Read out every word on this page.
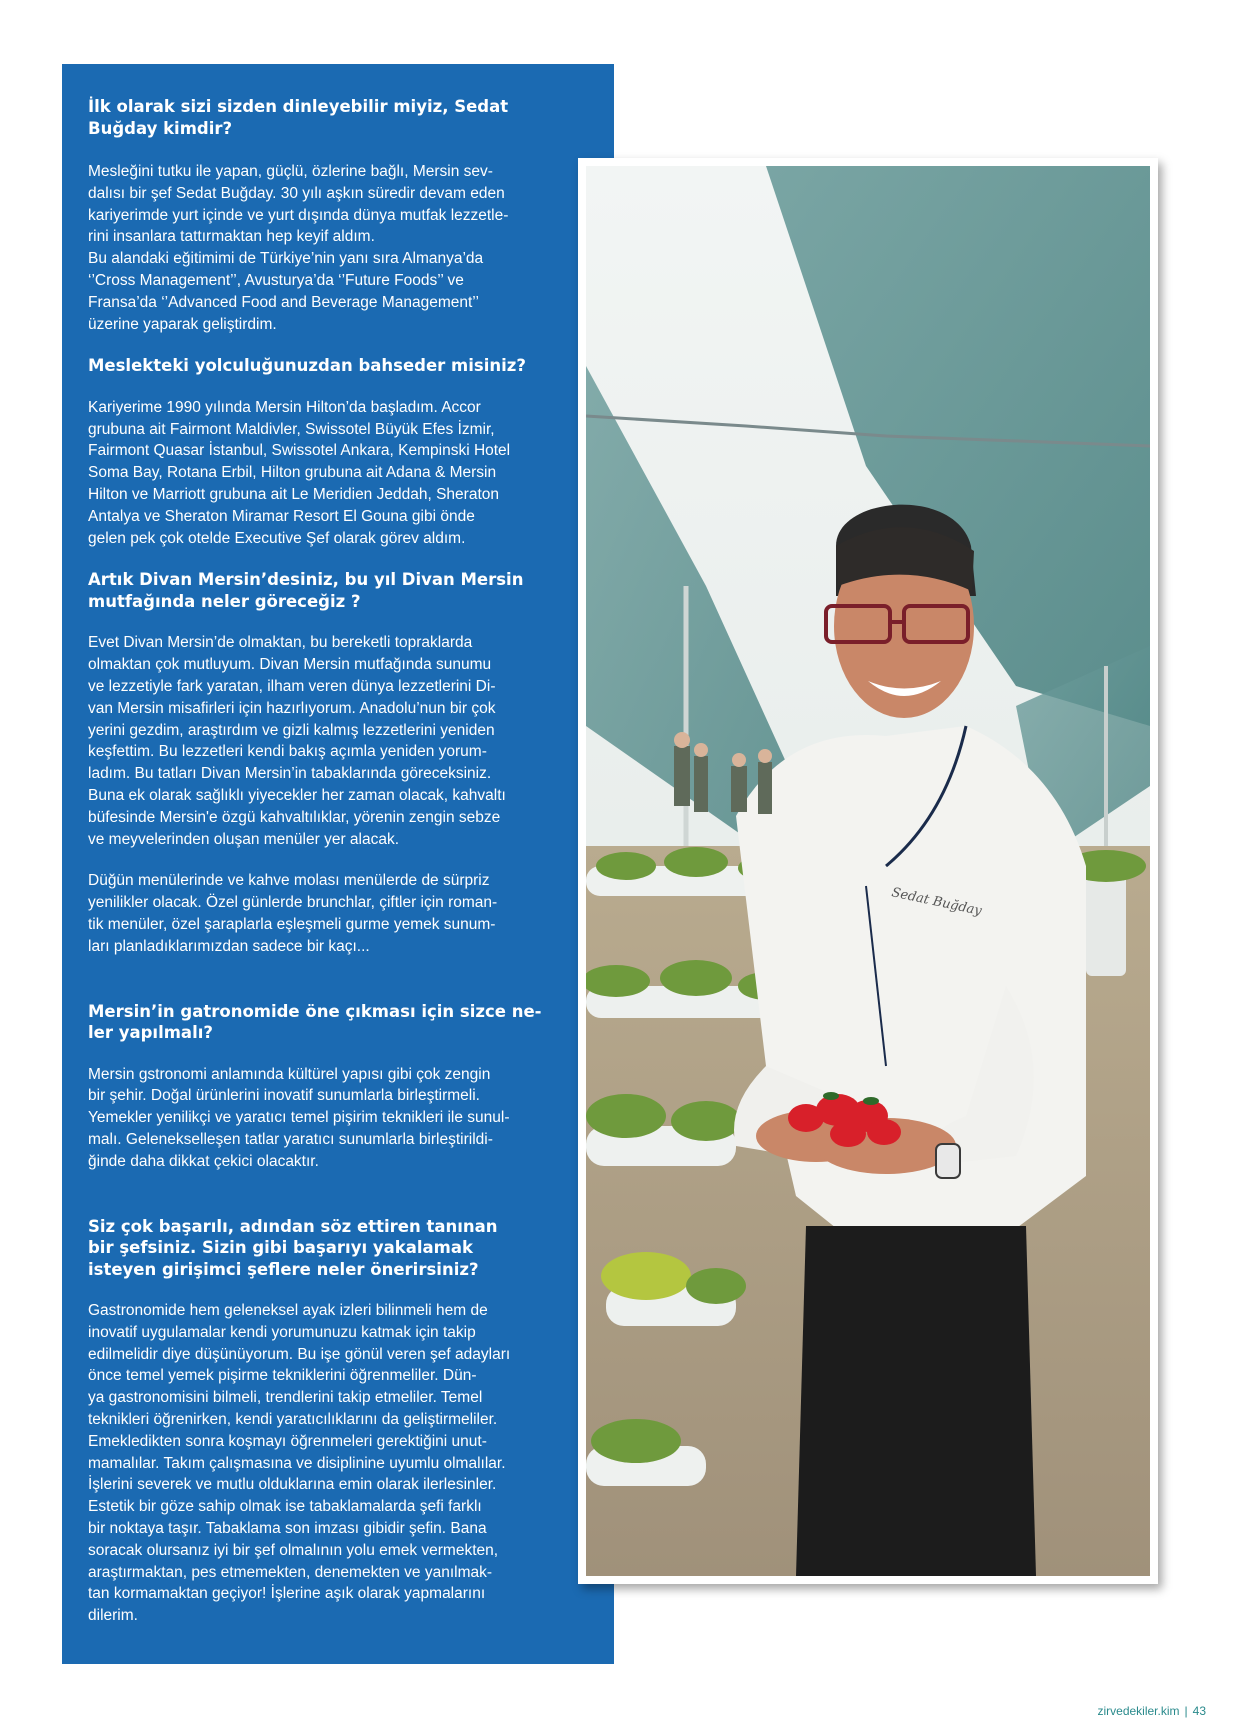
İlk olarak sizi sizden dinleyebilir miyiz, Sedat Buğday kimdir?

Mesleğini tutku ile yapan, güçlü, özlerine bağlı, Mersin sev-
dalısı bir şef Sedat Buğday. 30 yılı aşkın süredir devam eden
kariyerimde yurt içinde ve yurt dışında dünya mutfak lezzetle-
rini insanlara tattırmaktan hep keyif aldım.
Bu alandaki eğitimimi de Türkiye’nin yanı sıra Almanya’da
‘’Cross Management’’, Avusturya’da ‘’Future Foods’’ ve
Fransa’da ‘’Advanced Food and Beverage Management’’
üzerine yaparak geliştirdim.

Meslekteki yolculuğunuzdan bahseder misiniz?

Kariyerime 1990 yılında Mersin Hilton’da başladım. Accor
grubuna ait Fairmont Maldivler, Swissotel Büyük Efes İzmir,
Fairmont Quasar İstanbul, Swissotel Ankara, Kempinski Hotel
Soma Bay, Rotana Erbil, Hilton grubuna ait Adana & Mersin
Hilton ve Marriott grubuna ait Le Meridien Jeddah, Sheraton
Antalya ve Sheraton Miramar Resort El Gouna gibi önde
gelen pek çok otelde Executive Şef olarak görev aldım.

Artık Divan Mersin’desiniz, bu yıl Divan Mersin mutfağında neler göreceğiz ?

Evet Divan Mersin’de olmaktan, bu bereketli topraklarda
olmaktan çok mutluyum. Divan Mersin mutfağında sunumu
ve lezzetiyle fark yaratan, ilham veren dünya lezzetlerini Di-
van Mersin misafirleri için hazırlıyorum. Anadolu’nun bir çok
yerini gezdim, araştırdım ve gizli kalmış lezzetlerini yeniden
keşfettim. Bu lezzetleri kendi bakış açımla yeniden yorum-
ladım. Bu tatları Divan Mersin’in tabaklarında göreceksiniz.
Buna ek olarak sağlıklı yiyecekler her zaman olacak, kahvaltı
büfesinde Mersin'e özgü kahvaltılıklar, yörenin zengin sebze
ve meyvelerinden oluşan menüler yer alacak.

Düğün menülerinde ve kahve molası menülerde de sürpriz
yenilikler olacak. Özel günlerde brunchlar, çiftler için roman-
tik menüler, özel şaraplarla eşleşmeli gurme yemek sunum-
ları planladıklarımızdan sadece bir kaçı...

Mersin’in gatronomide öne çıkması için sizce ne-
ler yapılmalı?

Mersin gstronomi anlamında kültürel yapısı gibi çok zengin
bir şehir. Doğal ürünlerini inovatif sunumlarla birleştirmeli.
Yemekler yenilikçi ve yaratıcı temel pişirim teknikleri ile sunul-
malı. Gelenekselleşen tatlar yaratıcı sunumlarla birleştirildi-
ğinde daha dikkat çekici olacaktır.

Siz çok başarılı, adından söz ettiren tanınan bir şefsiniz. Sizin gibi başarıyı yakalamak isteyen girişimci şeflere neler önerirsiniz?

Gastronomide hem geleneksel ayak izleri bilinmeli hem de
inovatif uygulamalar kendi yorumunuzu katmak için takip
edilmelidir diye düşünüyorum. Bu işe gönül veren şef adayları
önce temel yemek pişirme tekniklerini öğrenmeliler. Dün-
ya gastronomisini bilmeli, trendlerini takip etmeliler. Temel
teknikleri öğrenirken, kendi yaratıcılıklarını da geliştirmeliler.
Emekledikten sonra koşmayı öğrenmeleri gerektiğini unut-
mamalılar. Takım çalışmasına ve disiplinine uyumlu olmalılar.
İşlerini severek ve mutlu olduklarına emin olarak ilerlesinler.
Estetik bir göze sahip olmak ise tabaklamalarda şefi farklı
bir noktaya taşır. Tabaklama son imzası gibidir şefin. Bana
soracak olursanız iyi bir şef olmalının yolu emek vermekten,
araştırmaktan, pes etmemekten, denemekten ve yanılmak-
tan kormamaktan geçiyor! İşlerine aşık olarak yapmalarını
dilerim.

Sedat Buğday
zirvedekiler.kim | 43
